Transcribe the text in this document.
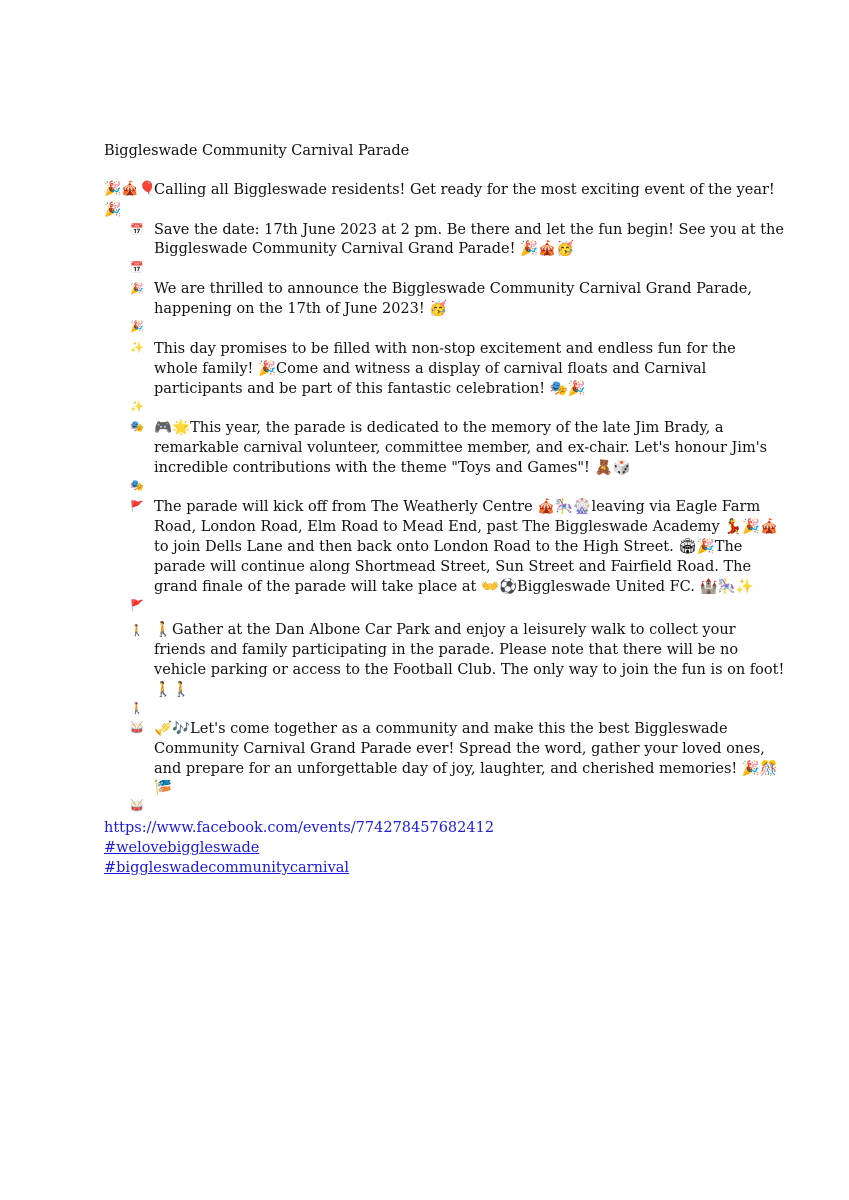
Biggleswade Community Carnival Parade
🎉🎪🎈
Calling all Biggleswade residents! Get ready for the most exciting event of the year!
🎉
📅 Save the date: 17th June 2023 at 2 pm. Be there and let the fun begin! See you at the
Biggleswade Community Carnival Grand Parade! 🎉🎪🥳
📅
🎉 We are thrilled to announce the Biggleswade Community Carnival Grand Parade,
happening on the 17th of June 2023! 🥳
🎉
✨ This day promises to be filled with non-stop excitement and endless fun for the
whole family! 🎉Come and witness a display of carnival floats and Carnival
participants and be part of this fantastic celebration! 🎭🎉
✨
🎭 🎮🌟This year, the parade is dedicated to the memory of the late Jim Brady, a
remarkable carnival volunteer, committee member, and ex-chair. Let's honour Jim's
incredible contributions with the theme "Toys and Games"! 🧸🎲
🎭
🚩 The parade will kick off from The Weatherly Centre 🎪🎠🎡leaving via Eagle Farm
Road, London Road, Elm Road to Mead End, past The Biggleswade Academy 💃🎉🎪
to join Dells Lane and then back onto London Road to the High Street. 🏟🎉The
parade will continue along Shortmead Street, Sun Street and Fairfield Road. The
grand finale of the parade will take place at 👐⚽Biggleswade United FC. 🏰🎠✨
🚩
🚶 🚶Gather at the Dan Albone Car Park and enjoy a leisurely walk to collect your
friends and family participating in the parade. Please note that there will be no
vehicle parking or access to the Football Club. The only way to join the fun is on foot!
🚶🚶
🚶
🥁 🎺🎶Let's come together as a community and make this the best Biggleswade
Community Carnival Grand Parade ever! Spread the word, gather your loved ones,
and prepare for an unforgettable day of joy, laughter, and cherished memories! 🎉🎊
🎏
🥁
https://www.facebook.com/events/774278457682412
#welovebiggleswade
#biggleswadecommunitycarnival
